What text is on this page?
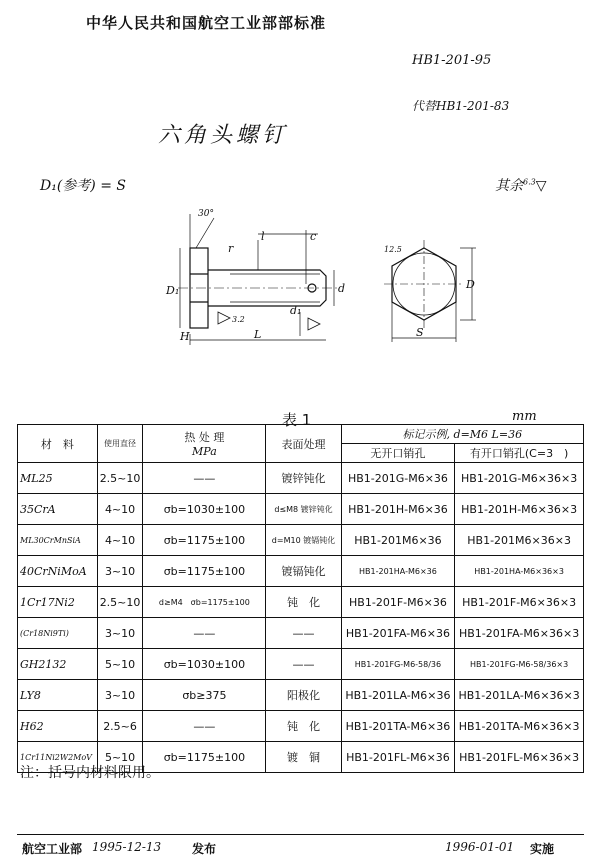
中华人民共和国航空工业部部标准
HB1-201-95
代替HB1-201-83
六角头螺钉
D₁(参考) = S	其余$^{6.3}$▽
30°
l	c
r
D₁	d
d₁
H	L
3.2
12.5
D
S
表 1	mm
材　料	使用直径	热 处 理
MPa	表面处理	标记示例, d=M6 L=36	
				无开口销孔	有开口销孔(C=3　)
ML25	2.5~10	——	镀锌钝化	HB1-201G-M6×36	HB1-201G-M6×36×3
35CrA	4~10	σb=1030±100	d≤M8 镀锌钝化	HB1-201H-M6×36	HB1-201H-M6×36×3
ML30CrMnSiA	4~10	σb=1175±100	d=M10 镀镉钝化	HB1-201M6×36	HB1-201M6×36×3
40CrNiMoA	3~10	σb=1175±100	镀镉钝化	HB1-201HA-M6×36	HB1-201HA-M6×36×3
1Cr17Ni2	2.5~10	d≥M4　σb=1175±100	钝　化	HB1-201F-M6×36	HB1-201F-M6×36×3
(Cr18Ni9Ti)	3~10	——	——	HB1-201FA-M6×36	HB1-201FA-M6×36×3
GH2132	5~10	σb=1030±100	——	HB1-201FG-M6-58/36	HB1-201FG-M6-58/36×3
LY8	3~10	σb≥375	阳极化	HB1-201LA-M6×36	HB1-201LA-M6×36×3
H62	2.5~6	——	钝　化	HB1-201TA-M6×36	HB1-201TA-M6×36×3
1Cr11Ni2W2MoV	5~10	σb=1175±100	镀　铜	HB1-201FL-M6×36	HB1-201FL-M6×36×3
注：括号内材料限用。
航空工业部 1995-12-13	发布	1996-01-01 实施
